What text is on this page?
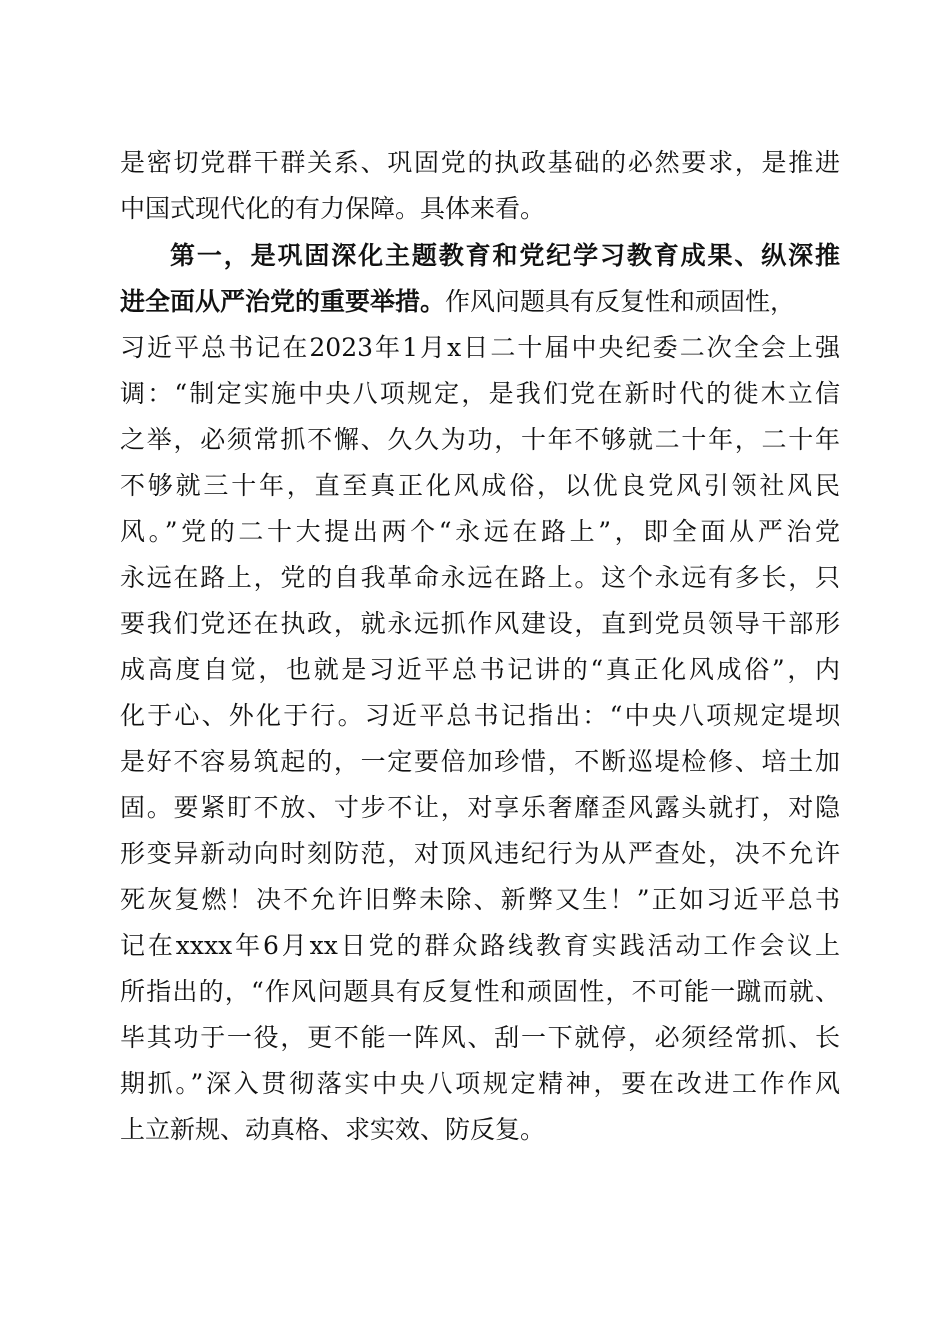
是密切党群干群关系、巩固党的执政基础的必然要求，是推进
中国式现代化的有力保障。具体来看。
第一，是巩固深化主题教育和党纪学习教育成果、纵深推
进全面从严治党的重要举措。作风问题具有反复性和顽固性，
习近平总书记在2023年1月x日二十届中央纪委二次全会上强
调：“制定实施中央八项规定，是我们党在新时代的徙木立信
之举，必须常抓不懈、久久为功，十年不够就二十年，二十年
不够就三十年，直至真正化风成俗，以优良党风引领社风民
风。”党的二十大提出两个“永远在路上”，即全面从严治党
永远在路上，党的自我革命永远在路上。这个永远有多长，只
要我们党还在执政，就永远抓作风建设，直到党员领导干部形
成高度自觉，也就是习近平总书记讲的“真正化风成俗”，内
化于心、外化于行。习近平总书记指出：“中央八项规定堤坝
是好不容易筑起的，一定要倍加珍惜，不断巡堤检修、培土加
固。要紧盯不放、寸步不让，对享乐奢靡歪风露头就打，对隐
形变异新动向时刻防范，对顶风违纪行为从严查处，决不允许
死灰复燃！决不允许旧弊未除、新弊又生！”正如习近平总书
记在xxxx年6月xx日党的群众路线教育实践活动工作会议上
所指出的，“作风问题具有反复性和顽固性，不可能一蹴而就、
毕其功于一役，更不能一阵风、刮一下就停，必须经常抓、长
期抓。”深入贯彻落实中央八项规定精神，要在改进工作作风
上立新规、动真格、求实效、防反复。
